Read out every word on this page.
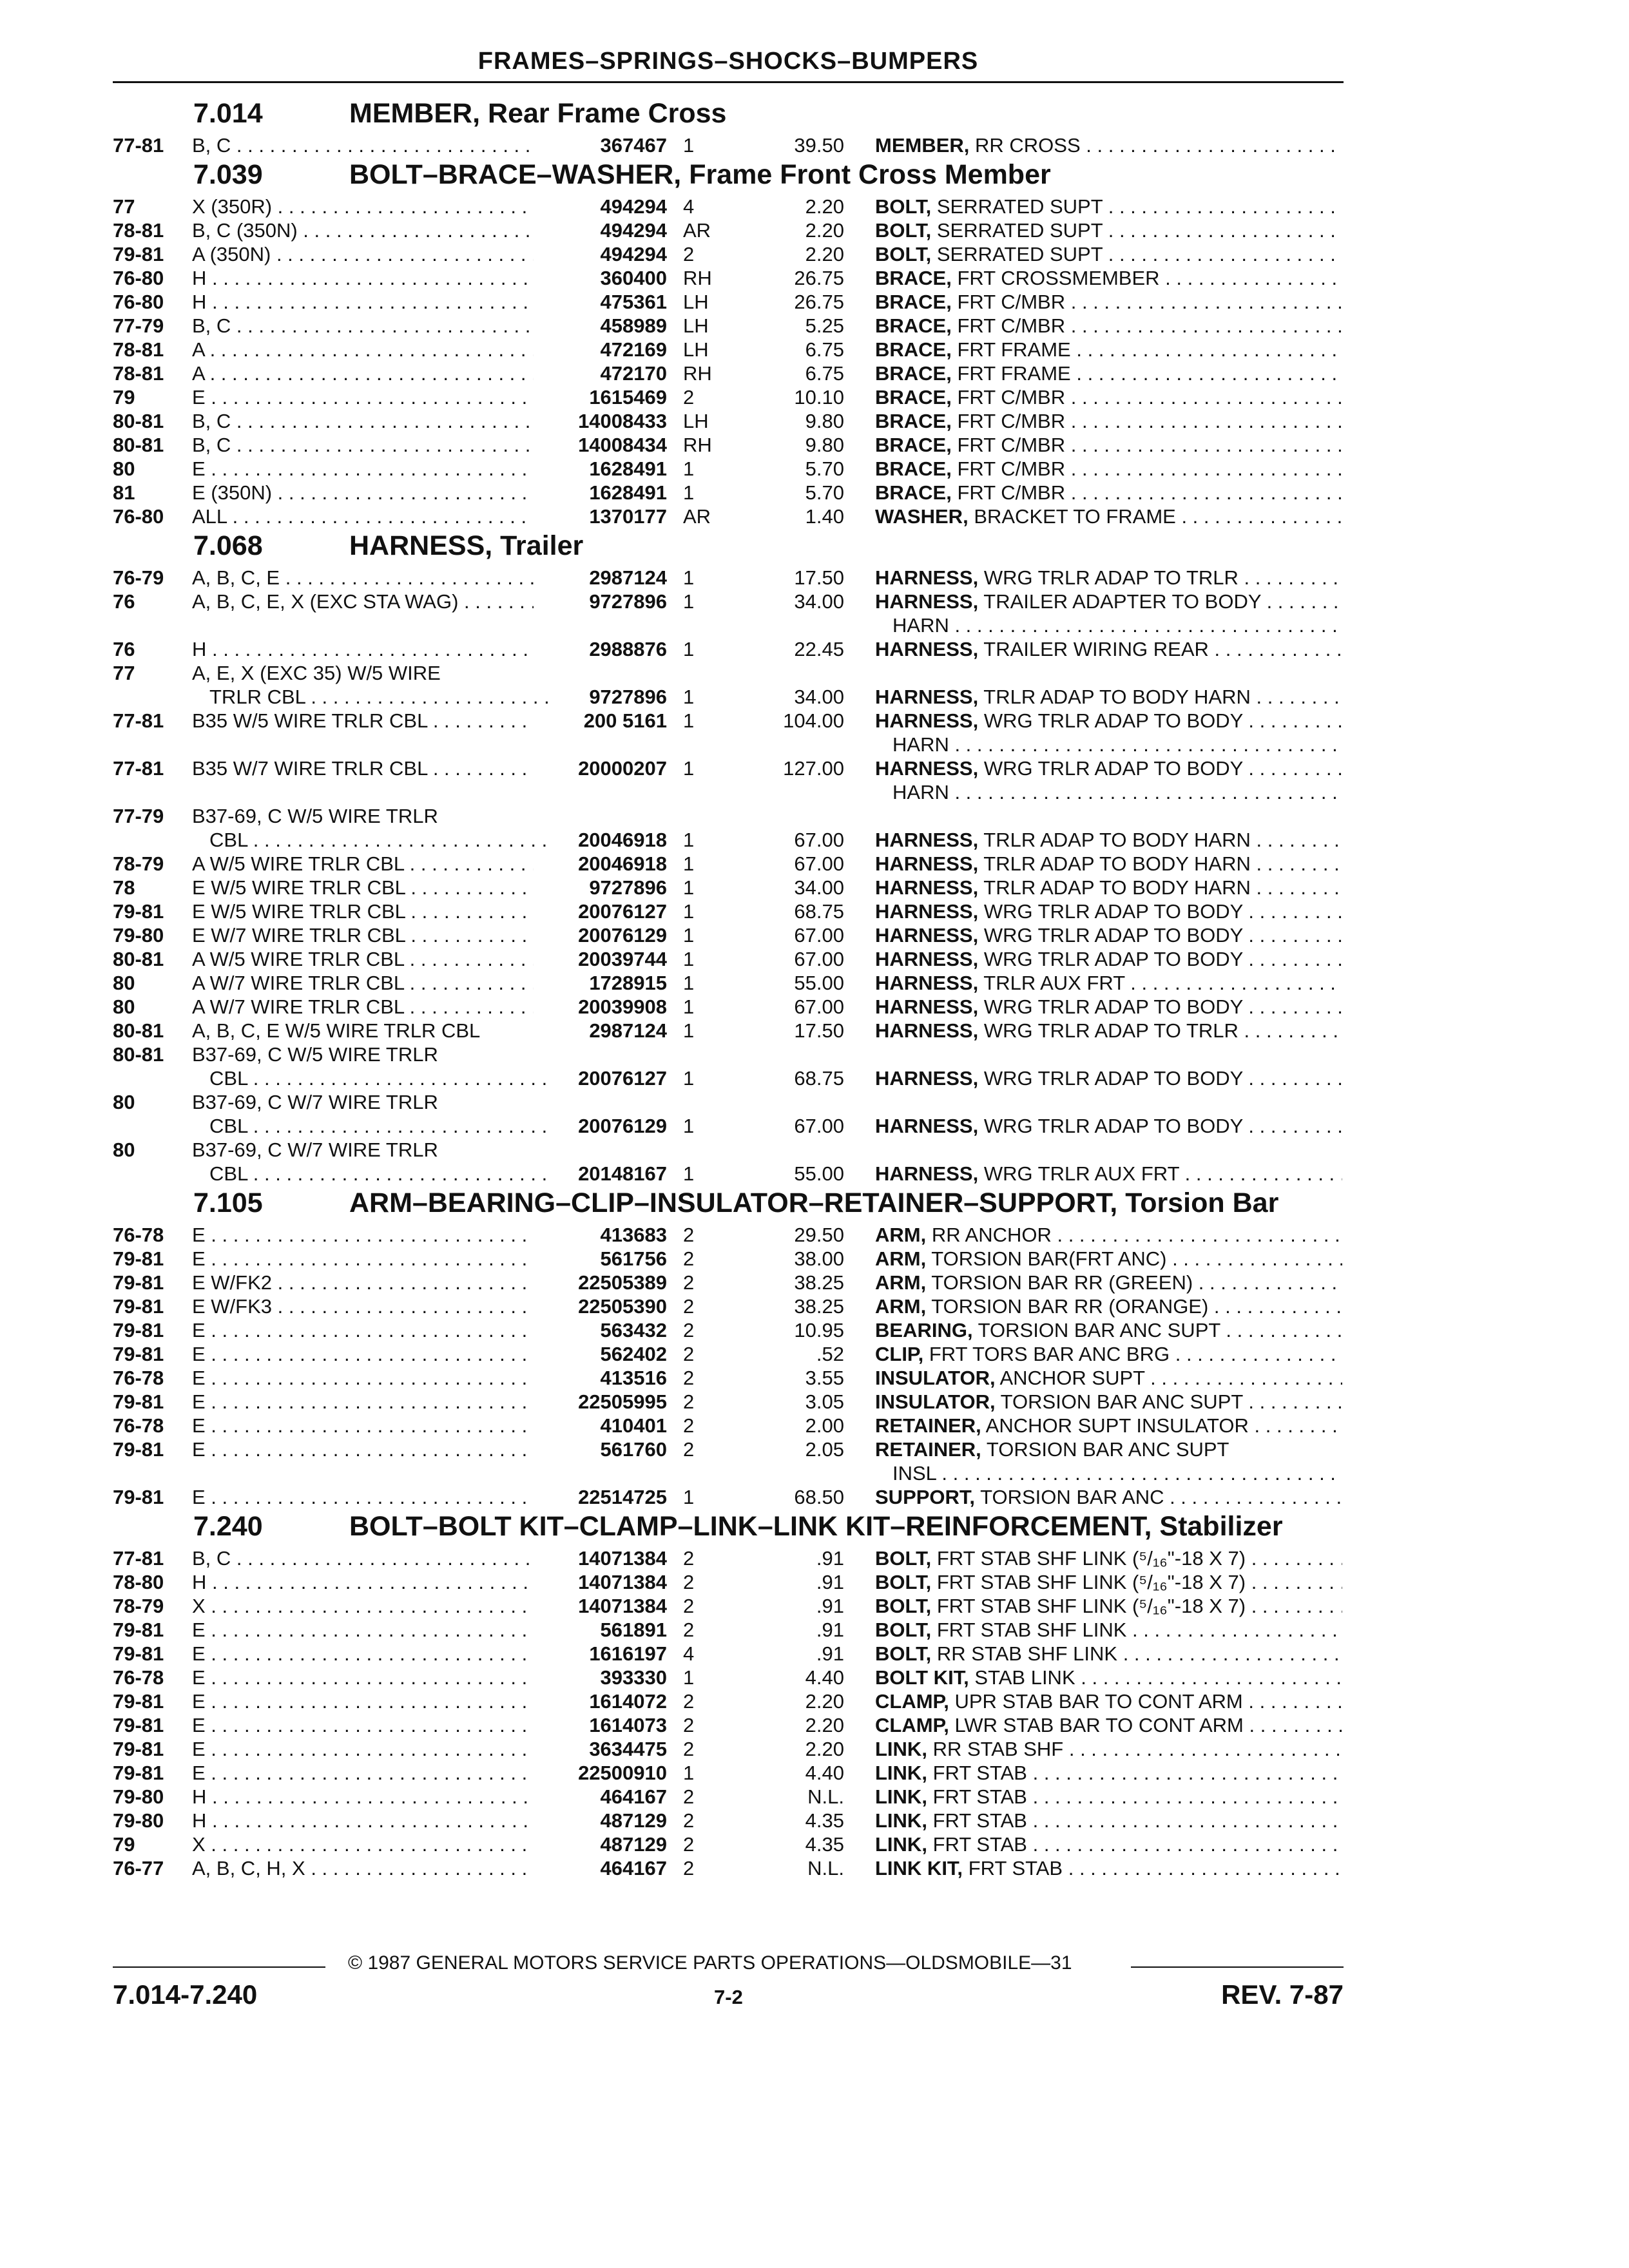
FRAMES–SPRINGS–SHOCKS–BUMPERS
7.014	MEMBER, Rear Frame Cross
77-81 B, C . . .	367467 1	39.50 MEMBER, RR CROSS . . .
7.039	BOLT–BRACE–WASHER, Frame Front Cross Member
77	X (350R) . . .	494294 4	2.20 BOLT, SERRATED SUPT . . .
78-81 B, C (350N) . . .	494294 AR	2.20 BOLT, SERRATED SUPT . . .
79-81 A (350N) . . .	494294 2	2.20 BOLT, SERRATED SUPT . . .
76-80 H . . .	360400 RH	26.75 BRACE, FRT CROSSMEMBER . . .
76-80 H . . .	475361 LH	26.75 BRACE, FRT C/MBR . . .
77-79 B, C . . .	458989 LH	5.25 BRACE, FRT C/MBR . . .
78-81 A . . .	472169 LH	6.75 BRACE, FRT FRAME . . .
78-81 A . . .	472170 RH	6.75 BRACE, FRT FRAME . . .
79	E . . .	1615469 2	10.10 BRACE, FRT C/MBR . . .
80-81 B, C . . .	14008433 LH	9.80 BRACE, FRT C/MBR . . .
80-81 B, C . . .	14008434 RH	9.80 BRACE, FRT C/MBR . . .
80	E . . .	1628491 1	5.70 BRACE, FRT C/MBR . . .
81	E (350N) . . .	1628491 1	5.70 BRACE, FRT C/MBR . . .
76-80 ALL . . .	1370177 AR	1.40 WASHER, BRACKET TO FRAME . . .
7.068	HARNESS, Trailer
76-79 A, B, C, E . . .	2987124 1	17.50 HARNESS, WRG TRLR ADAP TO TRLR . . .
76	A, B, C, E, X (EXC STA WAG) . . .	9727896 1	34.00 HARNESS, TRAILER ADAPTER TO BODY . . .
HARN . . .
76	H . . .	2988876 1	22.45 HARNESS, TRAILER WIRING REAR . . .
77	A, E, X (EXC 35) W/5 WIRE
TRLR CBL . . .	9727896 1	34.00 HARNESS, TRLR ADAP TO BODY HARN . . .
77-81 B35 W/5 WIRE TRLR CBL . . .	200 5161 1	104.00 HARNESS, WRG TRLR ADAP TO BODY . . .
HARN . . .
77-81 B35 W/7 WIRE TRLR CBL . . .	20000207 1	127.00 HARNESS, WRG TRLR ADAP TO BODY . . .
HARN . . .
77-79 B37-69, C W/5 WIRE TRLR
CBL . . .	20046918 1	67.00 HARNESS, TRLR ADAP TO BODY HARN . . .
78-79 A W/5 WIRE TRLR CBL . . .	20046918 1	67.00 HARNESS, TRLR ADAP TO BODY HARN . . .
78	E W/5 WIRE TRLR CBL . . .	9727896 1	34.00 HARNESS, TRLR ADAP TO BODY HARN . . .
79-81 E W/5 WIRE TRLR CBL . . .	20076127 1	68.75 HARNESS, WRG TRLR ADAP TO BODY . . .
79-80 E W/7 WIRE TRLR CBL . . .	20076129 1	67.00 HARNESS, WRG TRLR ADAP TO BODY . . .
80-81 A W/5 WIRE TRLR CBL . . .	20039744 1	67.00 HARNESS, WRG TRLR ADAP TO BODY . . .
80	A W/7 WIRE TRLR CBL . . .	1728915 1	55.00 HARNESS, TRLR AUX FRT . . .
80	A W/7 WIRE TRLR CBL . . .	20039908 1	67.00 HARNESS, WRG TRLR ADAP TO BODY . . .
80-81 A, B, C, E W/5 WIRE TRLR CBL	2987124 1	17.50 HARNESS, WRG TRLR ADAP TO TRLR . . .
80-81 B37-69, C W/5 WIRE TRLR
CBL . . .	20076127 1	68.75 HARNESS, WRG TRLR ADAP TO BODY . . .
80	B37-69, C W/7 WIRE TRLR
CBL . . .	20076129 1	67.00 HARNESS, WRG TRLR ADAP TO BODY . . .
80	B37-69, C W/7 WIRE TRLR
CBL . . .	20148167 1	55.00 HARNESS, WRG TRLR AUX FRT . . .
7.105	ARM–BEARING–CLIP–INSULATOR–RETAINER–SUPPORT, Torsion Bar
76-78 E . . .	413683 2	29.50 ARM, RR ANCHOR . . .
79-81 E . . .	561756 2	38.00 ARM, TORSION BAR(FRT ANC) . . .
79-81 E W/FK2 . . .	22505389 2	38.25 ARM, TORSION BAR RR (GREEN) . . .
79-81 E W/FK3 . . .	22505390 2	38.25 ARM, TORSION BAR RR (ORANGE) . . .
79-81 E . . .	563432 2	10.95 BEARING, TORSION BAR ANC SUPT . . .
79-81 E . . .	562402 2	.52 CLIP, FRT TORS BAR ANC BRG . . .
76-78 E . . .	413516 2	3.55 INSULATOR, ANCHOR SUPT . . .
79-81 E . . .	22505995 2	3.05 INSULATOR, TORSION BAR ANC SUPT . . .
76-78 E . . .	410401 2	2.00 RETAINER, ANCHOR SUPT INSULATOR . . .
79-81 E . . .	561760 2	2.05 RETAINER, TORSION BAR ANC SUPT
INSL . . .
79-81 E . . .	22514725 1	68.50 SUPPORT, TORSION BAR ANC . . .
7.240	BOLT–BOLT KIT–CLAMP–LINK–LINK KIT–REINFORCEMENT, Stabilizer
77-81 B, C . . .	14071384 2	.91 BOLT, FRT STAB SHF LINK (⁵/₁₆"-18 X 7) . . .
78-80 H . . .	14071384 2	.91 BOLT, FRT STAB SHF LINK (⁵/₁₆"-18 X 7) . . .
78-79 X . . .	14071384 2	.91 BOLT, FRT STAB SHF LINK (⁵/₁₆"-18 X 7) . . .
79-81 E . . .	561891 2	.91 BOLT, FRT STAB SHF LINK . . .
79-81 E . . .	1616197 4	.91 BOLT, RR STAB SHF LINK . . .
76-78 E . . .	393330 1	4.40 BOLT KIT, STAB LINK . . .
79-81 E . . .	1614072 2	2.20 CLAMP, UPR STAB BAR TO CONT ARM . . .
79-81 E . . .	1614073 2	2.20 CLAMP, LWR STAB BAR TO CONT ARM . . .
79-81 E . . .	3634475 2	2.20 LINK, RR STAB SHF . . .
79-81 E . . .	22500910 1	4.40 LINK, FRT STAB . . .
79-80 H . . .	464167 2	N.L. LINK, FRT STAB . . .
79-80 H . . .	487129 2	4.35 LINK, FRT STAB . . .
79	X . . .	487129 2	4.35 LINK, FRT STAB . . .
76-77 A, B, C, H, X . . .	464167 2	N.L. LINK KIT, FRT STAB . . .
© 1987 GENERAL MOTORS SERVICE PARTS OPERATIONS—OLDSMOBILE—31
7.014-7.240	7-2	REV. 7-87
